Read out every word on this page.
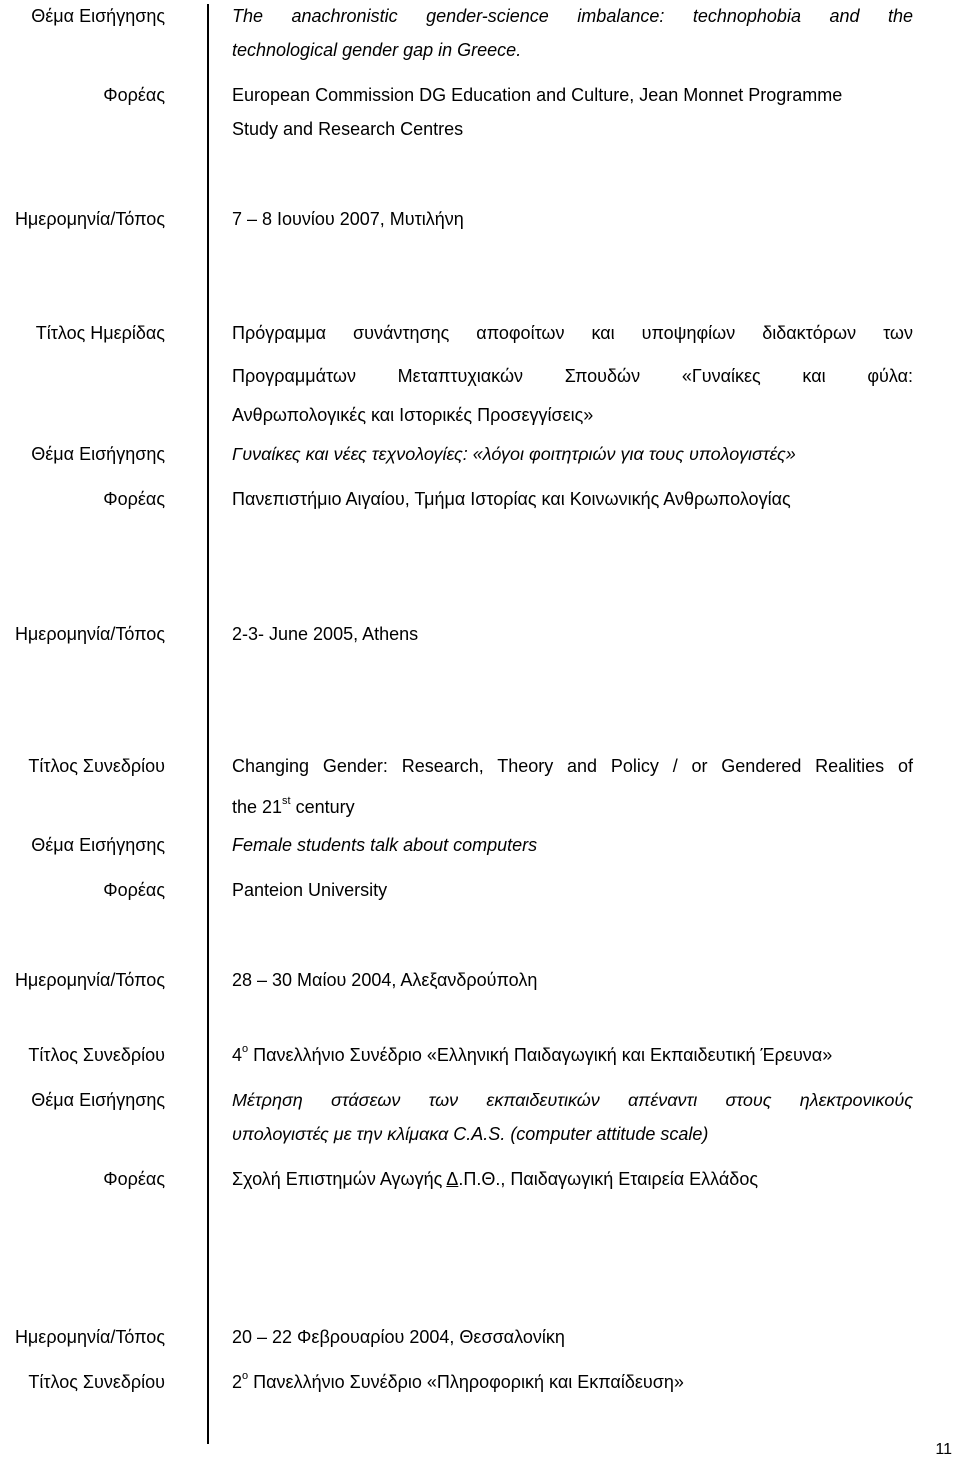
Θέμα Εισήγησης	The anachronistic gender-science imbalance: technophobia and the
technological gender gap in Greece.
Φορέας	European Commission DG Education and Culture, Jean Monnet Programme
Study and Research Centres
Ημερομηνία/Τόπος	7 – 8 Ιουνίου 2007, Μυτιλήνη
Τίτλος Ημερίδας	Πρόγραμμα συνάντησης αποφοίτων και υποψηφίων διδακτόρων των
Προγραμμάτων Μεταπτυχιακών Σπουδών «Γυναίκες και φύλα:
Ανθρωπολογικές και Ιστορικές Προσεγγίσεις»
Θέμα Εισήγησης	Γυναίκες και νέες τεχνολογίες: «λόγοι φοιτητριών για τους υπολογιστές»
Φορέας	Πανεπιστήμιο Αιγαίου, Τμήμα Ιστορίας και Κοινωνικής Ανθρωπολογίας
Ημερομηνία/Τόπος	2-3- June 2005, Athens
Τίτλος Συνεδρίου	Changing Gender: Research, Theory and Policy / or Gendered Realities of
the 21st century
Θέμα Εισήγησης	Female students talk about computers
Φορέας	Panteion University
Ημερομηνία/Τόπος	28 – 30 Μαίου 2004, Αλεξανδρούπολη
Τίτλος Συνεδρίου	4$^o$ Πανελλήνιο Συνέδριο «Ελληνική Παιδαγωγική και Εκπαιδευτική Έρευνα»
Θέμα Εισήγησης	Μέτρηση στάσεων των εκπαιδευτικών απέναντι στους ηλεκτρονικούς
υπολογιστές με την κλίμακα C.A.S. (computer attitude scale)
Φορέας	Σχολή Επιστημών Αγωγής Δ.Π.Θ., Παιδαγωγική Εταιρεία Ελλάδος
Ημερομηνία/Τόπος	20 – 22 Φεβρουαρίου 2004, Θεσσαλονίκη
Τίτλος Συνεδρίου	2$^o$ Πανελλήνιο Συνέδριο «Πληροφορική και Εκπαίδευση»
11
